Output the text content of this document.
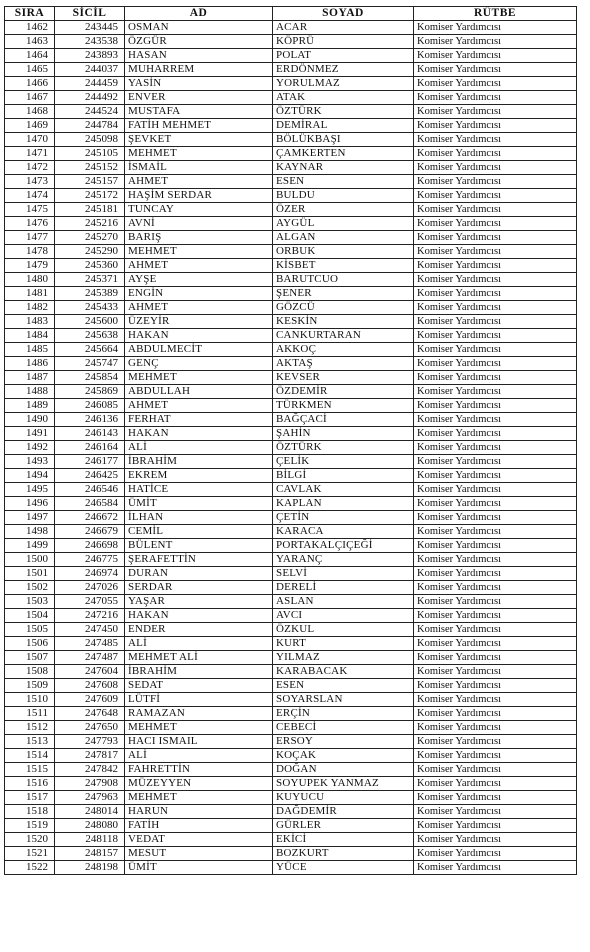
SIRA	SİCİL	AD	SOYAD	RÜTBE
1462	243445	OSMAN	ACAR	Komiser Yardımcısı
1463	243538	ÖZGÜR	KÖPRÜ	Komiser Yardımcısı
1464	243893	HASAN	POLAT	Komiser Yardımcısı
1465	244037	MUHARREM	ERDÖNMEZ	Komiser Yardımcısı
1466	244459	YASİN	YORULMAZ	Komiser Yardımcısı
1467	244492	ENVER	ATAK	Komiser Yardımcısı
1468	244524	MUSTAFA	ÖZTÜRK	Komiser Yardımcısı
1469	244784	FATİH MEHMET	DEMİRAL	Komiser Yardımcısı
1470	245098	ŞEVKET	BÖLÜKBAŞI	Komiser Yardımcısı
1471	245105	MEHMET	ÇAMKERTEN	Komiser Yardımcısı
1472	245152	İSMAİL	KAYNAR	Komiser Yardımcısı
1473	245157	AHMET	ESEN	Komiser Yardımcısı
1474	245172	HAŞİM SERDAR	BULDU	Komiser Yardımcısı
1475	245181	TUNCAY	ÖZER	Komiser Yardımcısı
1476	245216	AVNİ	AYGÜL	Komiser Yardımcısı
1477	245270	BARIŞ	ALGAN	Komiser Yardımcısı
1478	245290	MEHMET	ORBUK	Komiser Yardımcısı
1479	245360	AHMET	KİSBET	Komiser Yardımcısı
1480	245371	AYŞE	BARUTCUO	Komiser Yardımcısı
1481	245389	ENGİN	ŞENER	Komiser Yardımcısı
1482	245433	AHMET	GÖZCÜ	Komiser Yardımcısı
1483	245600	ÜZEYİR	KESKİN	Komiser Yardımcısı
1484	245638	HAKAN	CANKURTARAN	Komiser Yardımcısı
1485	245664	ABDULMECİT	AKKOÇ	Komiser Yardımcısı
1486	245747	GENÇ	AKTAŞ	Komiser Yardımcısı
1487	245854	MEHMET	KEVSER	Komiser Yardımcısı
1488	245869	ABDULLAH	ÖZDEMİR	Komiser Yardımcısı
1489	246085	AHMET	TÜRKMEN	Komiser Yardımcısı
1490	246136	FERHAT	BAĞÇACİ	Komiser Yardımcısı
1491	246143	HAKAN	ŞAHİN	Komiser Yardımcısı
1492	246164	ALİ	ÖZTÜRK	Komiser Yardımcısı
1493	246177	İBRAHİM	ÇELİK	Komiser Yardımcısı
1494	246425	EKREM	BİLGİ	Komiser Yardımcısı
1495	246546	HATİCE	CAVLAK	Komiser Yardımcısı
1496	246584	ÜMİT	KAPLAN	Komiser Yardımcısı
1497	246672	İLHAN	ÇETİN	Komiser Yardımcısı
1498	246679	CEMİL	KARACA	Komiser Yardımcısı
1499	246698	BÜLENT	PORTAKALÇIÇEĞİ	Komiser Yardımcısı
1500	246775	ŞERAFETTİN	YARANÇ	Komiser Yardımcısı
1501	246974	DURAN	SELVİ	Komiser Yardımcısı
1502	247026	SERDAR	DERELİ	Komiser Yardımcısı
1503	247055	YAŞAR	ASLAN	Komiser Yardımcısı
1504	247216	HAKAN	AVCI	Komiser Yardımcısı
1505	247450	ENDER	ÖZKUL	Komiser Yardımcısı
1506	247485	ALİ	KURT	Komiser Yardımcısı
1507	247487	MEHMET ALİ	YILMAZ	Komiser Yardımcısı
1508	247604	İBRAHİM	KARABACAK	Komiser Yardımcısı
1509	247608	SEDAT	ESEN	Komiser Yardımcısı
1510	247609	LÜTFİ	SOYARSLAN	Komiser Yardımcısı
1511	247648	RAMAZAN	ERÇİN	Komiser Yardımcısı
1512	247650	MEHMET	CEBECİ	Komiser Yardımcısı
1513	247793	HACI ISMAIL	ERSOY	Komiser Yardımcısı
1514	247817	ALİ	KOÇAK	Komiser Yardımcısı
1515	247842	FAHRETTİN	DOĞAN	Komiser Yardımcısı
1516	247908	MÜZEYYEN	SOYUPEK YANMAZ	Komiser Yardımcısı
1517	247963	MEHMET	KUYUCU	Komiser Yardımcısı
1518	248014	HARUN	DAĞDEMİR	Komiser Yardımcısı
1519	248080	FATİH	GÜRLER	Komiser Yardımcısı
1520	248118	VEDAT	EKİCİ	Komiser Yardımcısı
1521	248157	MESUT	BOZKURT	Komiser Yardımcısı
1522	248198	ÜMİT	YÜCE	Komiser Yardımcısı
